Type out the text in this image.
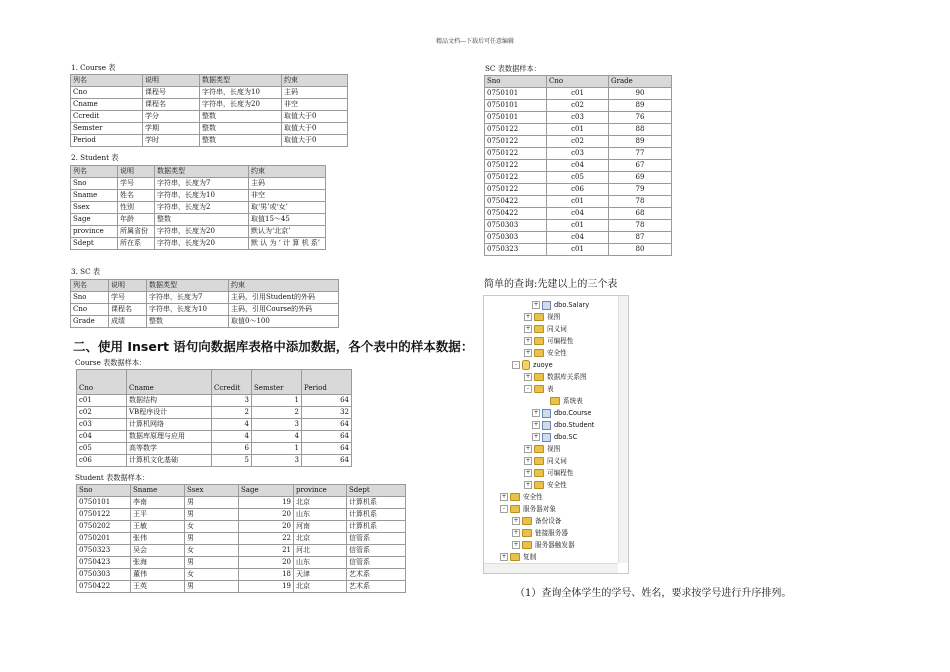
精品文档---下载后可任意编辑
1. Course 表
列名	说明	数据类型	约束
Cno	课程号	字符串，长度为10	主码
Cname	课程名	字符串，长度为20	非空
Ccredit	学分	整数	取值大于0
Semster	学期	整数	取值大于0
Period	学时	整数	取值大于0
2. Student 表
列名	说明	数据类型	约束
Sno	学号	字符串，长度为7	主码
Sname	姓名	字符串，长度为10	非空
Ssex	性别	字符串，长度为2	取‘男’或‘女’
Sage	年龄	整数	取值15～45
province	所属省份	字符串，长度为20	默认为‘北京’
Sdept	所在系	字符串，长度为20	默 认 为 ‘ 计 算 机 系’
3. SC 表
列名	说明	数据类型	约束
Sno	学号	字符串，长度为7	主码，引用Student的外码
Cno	课程名	字符串，长度为10	主码，引用Course的外码
Grade	成绩	整数	取值0～100
二、使用 Insert 语句向数据库表格中添加数据，各个表中的样本数据：
Course 表数据样本：
Cno	Cname	Ccredit	Semster	Period
c01	数据结构	3	1	64
c02	VB程序设计	2	2	32
c03	计算机网络	4	3	64
c04	数据库原理与应用	4	4	64
c05	高等数学	6	1	64
c06	计算机文化基础	5	3	64
Student 表数据样本：
Sno	Sname	Ssex	Sage	province	Sdept
0750101	李南	男	19	北京	计算机系
0750122	王平	男	20	山东	计算机系
0750202	王敏	女	20	河南	计算机系
0750201	张伟	男	22	北京	信管系
0750323	吴会	女	21	河北	信管系
0750423	张海	男	20	山东	信管系
0750303	董伟	女	18	天津	艺术系
0750422	王英	男	19	北京	艺术系
SC 表数据样本：
Sno	Cno	Grade
0750101	c01	90
0750101	c02	89
0750101	c03	76
0750122	c01	88
0750122	c02	89
0750122	c03	77
0750122	c04	67
0750122	c05	69
0750122	c06	79
0750422	c01	78
0750422	c04	68
0750303	c01	78
0750303	c04	87
0750323	c01	80
简单的查询:先建以上的三个表
+ dbo.Salary
+ 视图
+ 同义词
+ 可编程性
+ 安全性
- zuoye
+ 数据库关系图
-	表
系统表
+ dbo.Course
+ dbo.Student
+ dbo.SC
+ 视图
+ 同义词
+ 可编程性
+ 安全性
+ 安全性
-	服务器对象
+ 备份设备
+ 链接服务器
+ 服务器触发器
+ 复制
（1）查询全体学生的学号、姓名，要求按学号进行升序排列。
